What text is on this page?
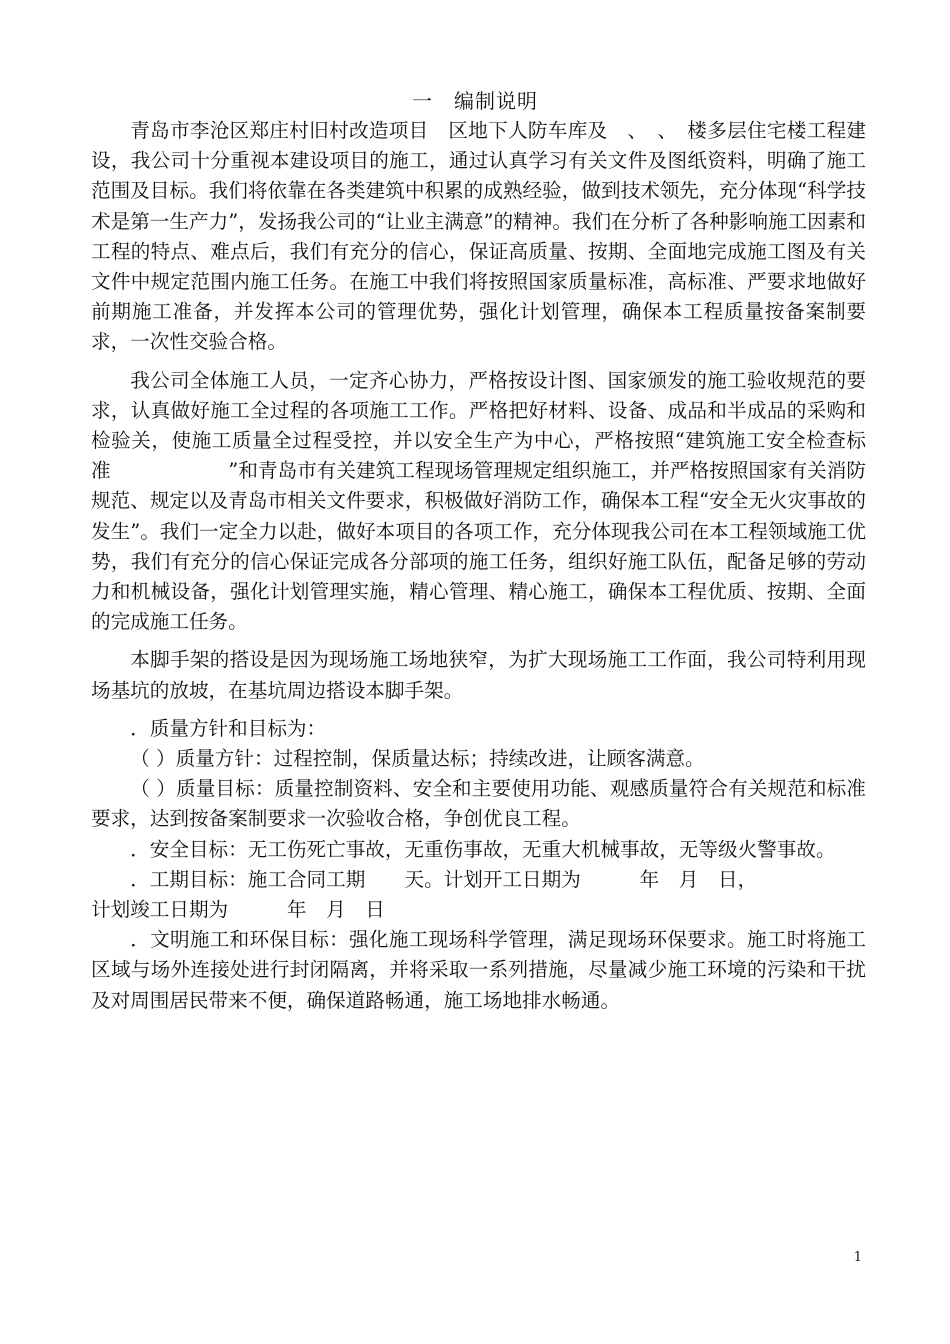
一　编制说明

青岛市李沧区郑庄村旧村改造项目　区地下人防车库及　、　、　楼多层住宅楼工程建设，我公司十分重视本建设项目的施工，通过认真学习有关文件及图纸资料，明确了施工范围及目标。我们将依靠在各类建筑中积累的成熟经验，做到技术领先，充分体现“科学技术是第一生产力”，发扬我公司的“让业主满意”的精神。我们在分析了各种影响施工因素和工程的特点、难点后，我们有充分的信心，保证高质量、按期、全面地完成施工图及有关文件中规定范围内施工任务。在施工中我们将按照国家质量标准，高标准、严要求地做好前期施工准备，并发挥本公司的管理优势，强化计划管理，确保本工程质量按备案制要求，一次性交验合格。

我公司全体施工人员，一定齐心协力，严格按设计图、国家颁发的施工验收规范的要求，认真做好施工全过程的各项施工工作。严格把好材料、设备、成品和半成品的采购和检验关，使施工质量全过程受控，并以安全生产为中心，严格按照“建筑施工安全检查标准　　　　　　”和青岛市有关建筑工程现场管理规定组织施工，并严格按照国家有关消防规范、规定以及青岛市相关文件要求，积极做好消防工作，确保本工程“安全无火灾事故的发生”。我们一定全力以赴，做好本项目的各项工作，充分体现我公司在本工程领域施工优势，我们有充分的信心保证完成各分部项的施工任务，组织好施工队伍，配备足够的劳动力和机械设备，强化计划管理实施，精心管理、精心施工，确保本工程优质、按期、全面的完成施工任务。

本脚手架的搭设是因为现场施工场地狭窄，为扩大现场施工工作面，我公司特利用现场基坑的放坡，在基坑周边搭设本脚手架。

．质量方针和目标为：

（ ）质量方针：过程控制，保质量达标；持续改进，让顾客满意。

（ ）质量目标：质量控制资料、安全和主要使用功能、观感质量符合有关规范和标准要求，达到按备案制要求一次验收合格，争创优良工程。

．安全目标：无工伤死亡事故，无重伤事故，无重大机械事故，无等级火警事故。

．工期目标：施工合同工期　　天。计划开工日期为　　　年　月　日，

计划竣工日期为　　　年　月　日

．文明施工和环保目标：强化施工现场科学管理，满足现场环保要求。施工时将施工区域与场外连接处进行封闭隔离，并将采取一系列措施，尽量减少施工环境的污染和干扰及对周围居民带来不便，确保道路畅通，施工场地排水畅通。

1
